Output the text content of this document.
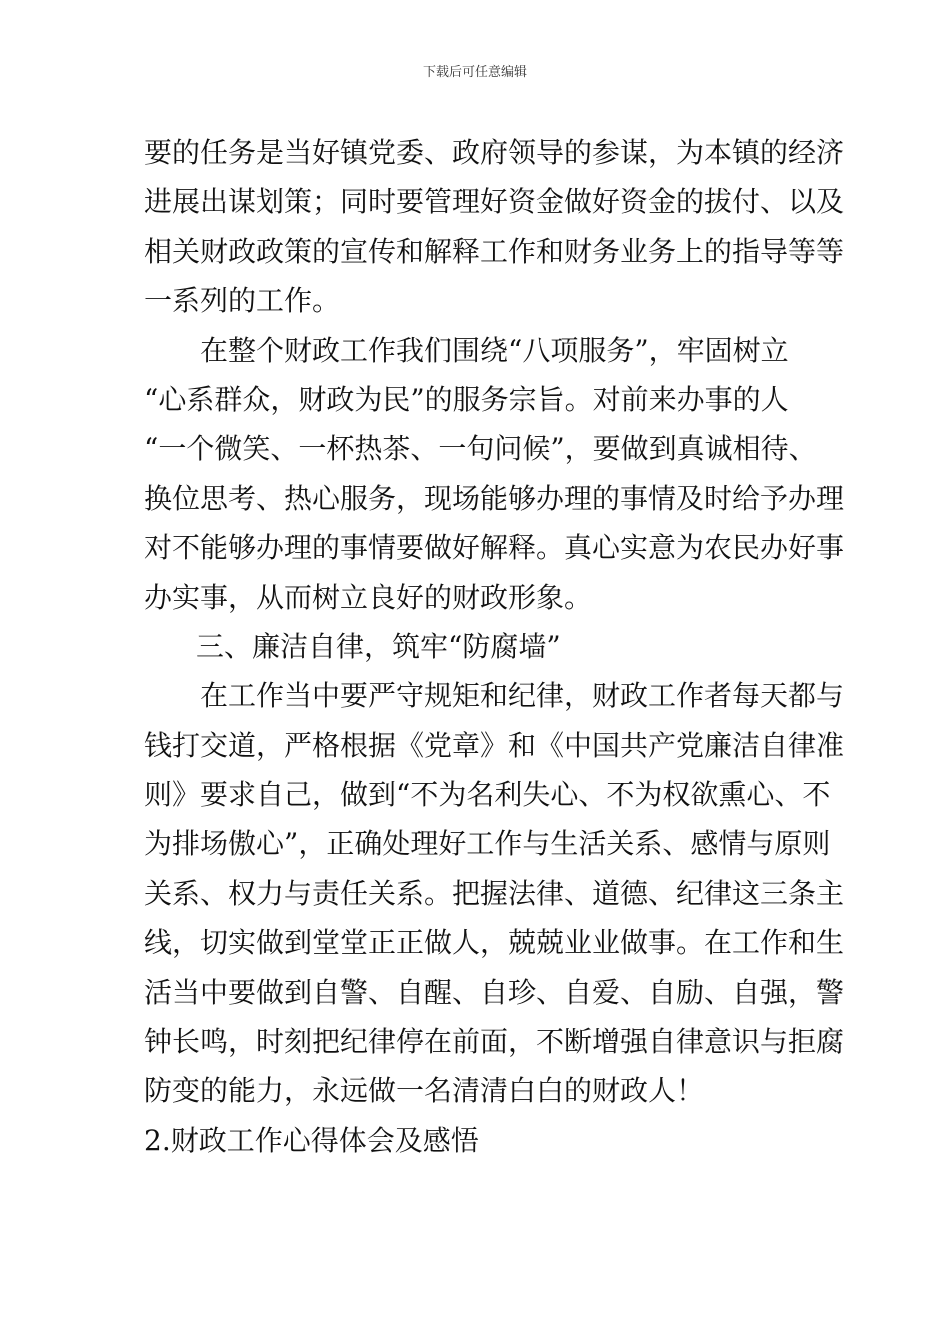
下载后可任意编辑
要的任务是当好镇党委、政府领导的参谋，为本镇的经济
进展出谋划策；同时要管理好资金做好资金的拔付、以及
相关财政政策的宣传和解释工作和财务业务上的指导等等
一系列的工作。
在整个财政工作我们围绕“八项服务”，牢固树立
“心系群众，财政为民”的服务宗旨。对前来办事的人
“一个微笑、一杯热茶、一句问候”，要做到真诚相待、
换位思考、热心服务，现场能够办理的事情及时给予办理
对不能够办理的事情要做好解释。真心实意为农民办好事
办实事，从而树立良好的财政形象。
三、廉洁自律，筑牢“防腐墙”
在工作当中要严守规矩和纪律，财政工作者每天都与
钱打交道，严格根据《党章》和《中国共产党廉洁自律准
则》要求自己，做到“不为名利失心、不为权欲熏心、不
为排场傲心”，正确处理好工作与生活关系、感情与原则
关系、权力与责任关系。把握法律、道德、纪律这三条主
线，切实做到堂堂正正做人，兢兢业业做事。在工作和生
活当中要做到自警、自醒、自珍、自爱、自励、自强，警
钟长鸣，时刻把纪律停在前面，不断增强自律意识与拒腐
防变的能力，永远做一名清清白白的财政人！
2.财政工作心得体会及感悟
